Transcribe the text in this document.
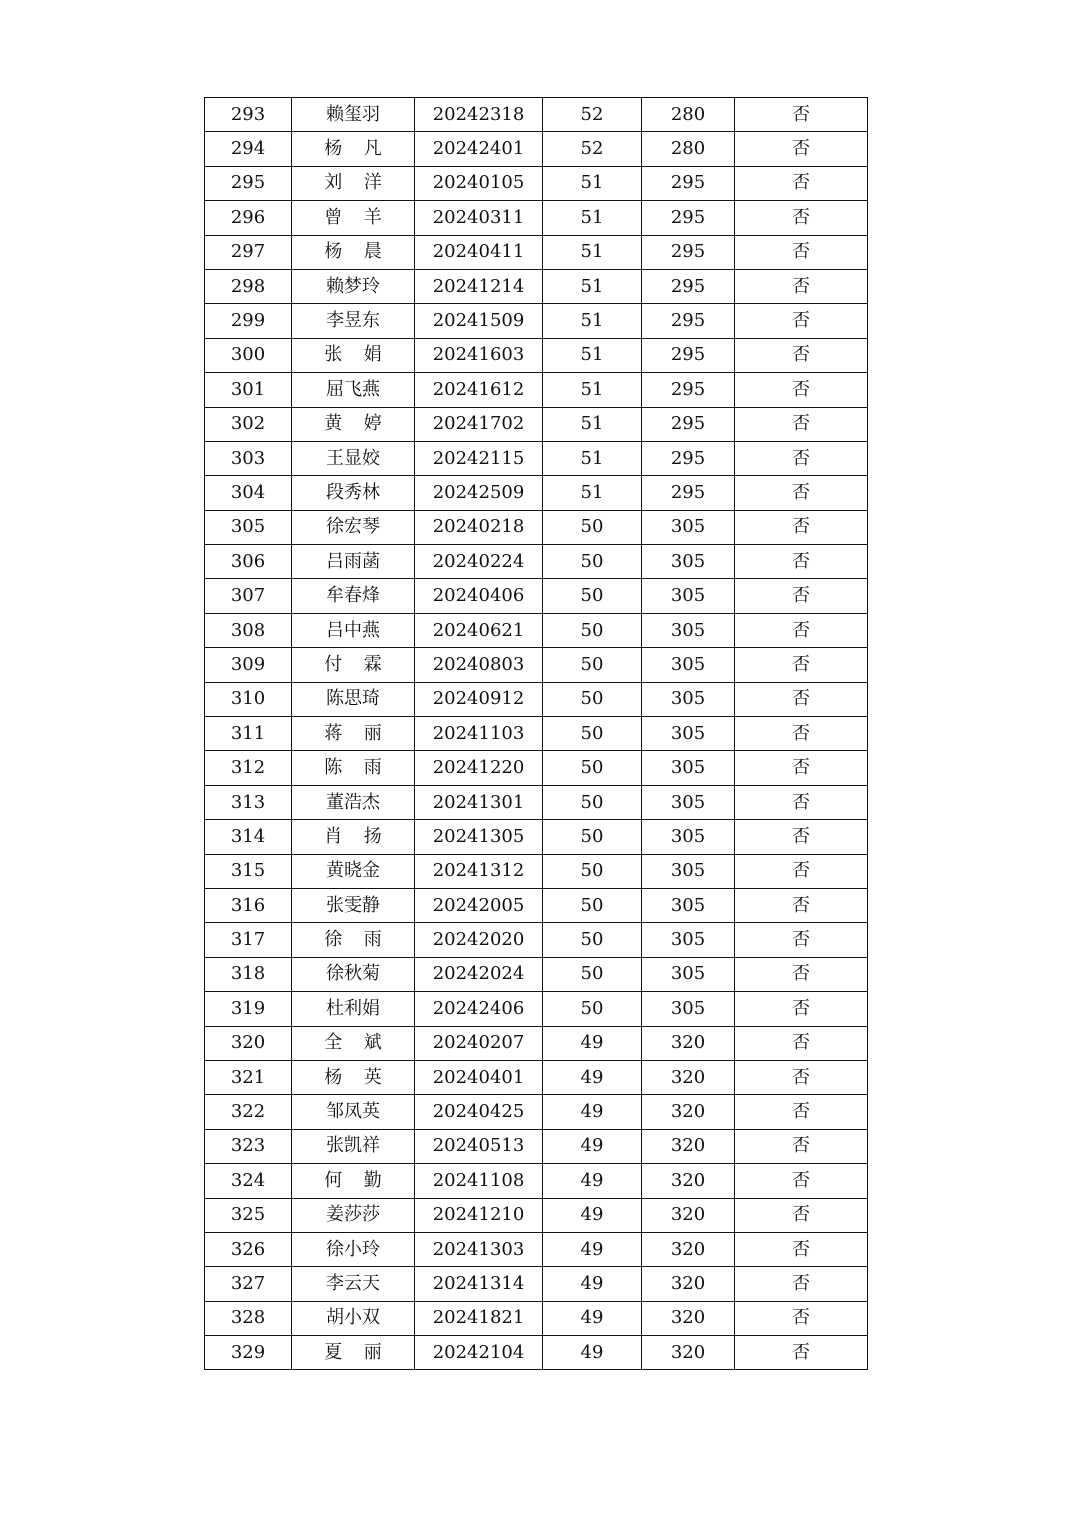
293	赖玺羽	20242318	52	280	否
294	杨凡	20242401	52	280	否
295	刘洋	20240105	51	295	否
296	曾羊	20240311	51	295	否
297	杨晨	20240411	51	295	否
298	赖梦玲	20241214	51	295	否
299	李昱东	20241509	51	295	否
300	张娟	20241603	51	295	否
301	屈飞燕	20241612	51	295	否
302	黄婷	20241702	51	295	否
303	王显姣	20242115	51	295	否
304	段秀林	20242509	51	295	否
305	徐宏琴	20240218	50	305	否
306	吕雨菡	20240224	50	305	否
307	牟春烽	20240406	50	305	否
308	吕中燕	20240621	50	305	否
309	付霖	20240803	50	305	否
310	陈思琦	20240912	50	305	否
311	蒋丽	20241103	50	305	否
312	陈雨	20241220	50	305	否
313	董浩杰	20241301	50	305	否
314	肖扬	20241305	50	305	否
315	黄晓金	20241312	50	305	否
316	张雯静	20242005	50	305	否
317	徐雨	20242020	50	305	否
318	徐秋菊	20242024	50	305	否
319	杜利娟	20242406	50	305	否
320	全斌	20240207	49	320	否
321	杨英	20240401	49	320	否
322	邹凤英	20240425	49	320	否
323	张凯祥	20240513	49	320	否
324	何勤	20241108	49	320	否
325	姜莎莎	20241210	49	320	否
326	徐小玲	20241303	49	320	否
327	李云天	20241314	49	320	否
328	胡小双	20241821	49	320	否
329	夏丽	20242104	49	320	否
